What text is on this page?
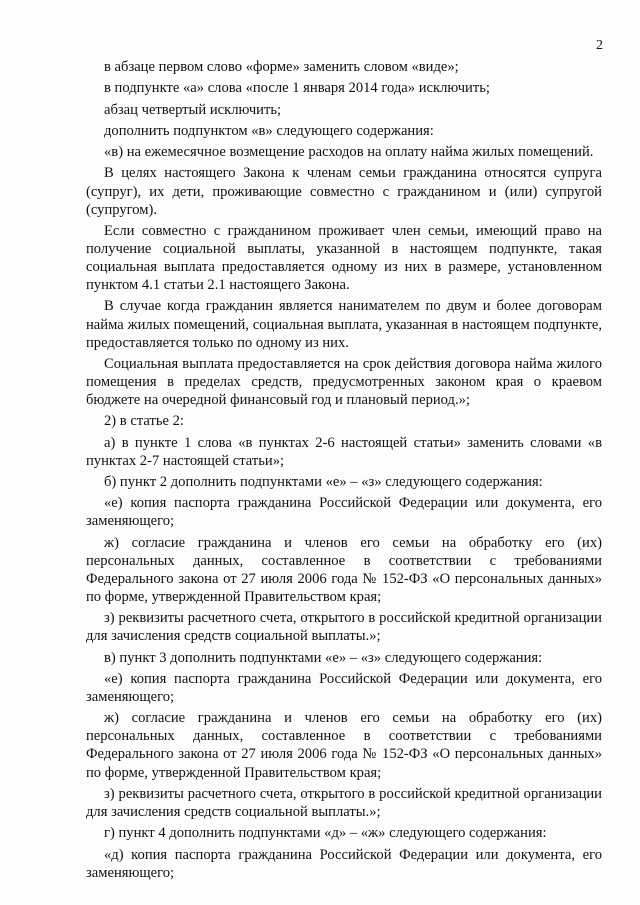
2

в абзаце первом слово «форме» заменить словом «виде»;

в подпункте «а» слова «после 1 января 2014 года» исключить;

абзац четвертый исключить;

дополнить подпунктом «в» следующего содержания:

«в) на ежемесячное возмещение расходов на оплату найма жилых помещений.

В целях настоящего Закона к членам семьи гражданина относятся супруга (супруг), их дети, проживающие совместно с гражданином и (или) супругой (супругом).

Если совместно с гражданином проживает член семьи, имеющий право на получение социальной выплаты, указанной в настоящем подпункте, такая социальная выплата предоставляется одному из них в размере, установленном пунктом 4.1 статьи 2.1 настоящего Закона.

В случае когда гражданин является нанимателем по двум и более договорам найма жилых помещений, социальная выплата, указанная в настоящем подпункте, предоставляется только по одному из них.

Социальная выплата предоставляется на срок действия договора найма жилого помещения в пределах средств, предусмотренных законом края о краевом бюджете на очередной финансовый год и плановый период.»;

2) в статье 2:

а) в пункте 1 слова «в пунктах 2-6 настоящей статьи» заменить словами «в пунктах 2-7 настоящей статьи»;

б) пункт 2 дополнить подпунктами «е» – «з» следующего содержания:

«е) копия паспорта гражданина Российской Федерации или документа, его заменяющего;

ж) согласие гражданина и членов его семьи на обработку его (их) персональных данных, составленное в соответствии с требованиями Федерального закона от 27 июля 2006 года № 152-ФЗ «О персональных данных» по форме, утвержденной Правительством края;

з) реквизиты расчетного счета, открытого в российской кредитной организации для зачисления средств социальной выплаты.»;

в) пункт 3 дополнить подпунктами «е» – «з» следующего содержания:

«е) копия паспорта гражданина Российской Федерации или документа, его заменяющего;

ж) согласие гражданина и членов его семьи на обработку его (их) персональных данных, составленное в соответствии с требованиями Федерального закона от 27 июля 2006 года № 152-ФЗ «О персональных данных» по форме, утвержденной Правительством края;

з) реквизиты расчетного счета, открытого в российской кредитной организации для зачисления средств социальной выплаты.»;

г) пункт 4 дополнить подпунктами «д» – «ж» следующего содержания:

«д) копия паспорта гражданина Российской Федерации или документа, его заменяющего;
